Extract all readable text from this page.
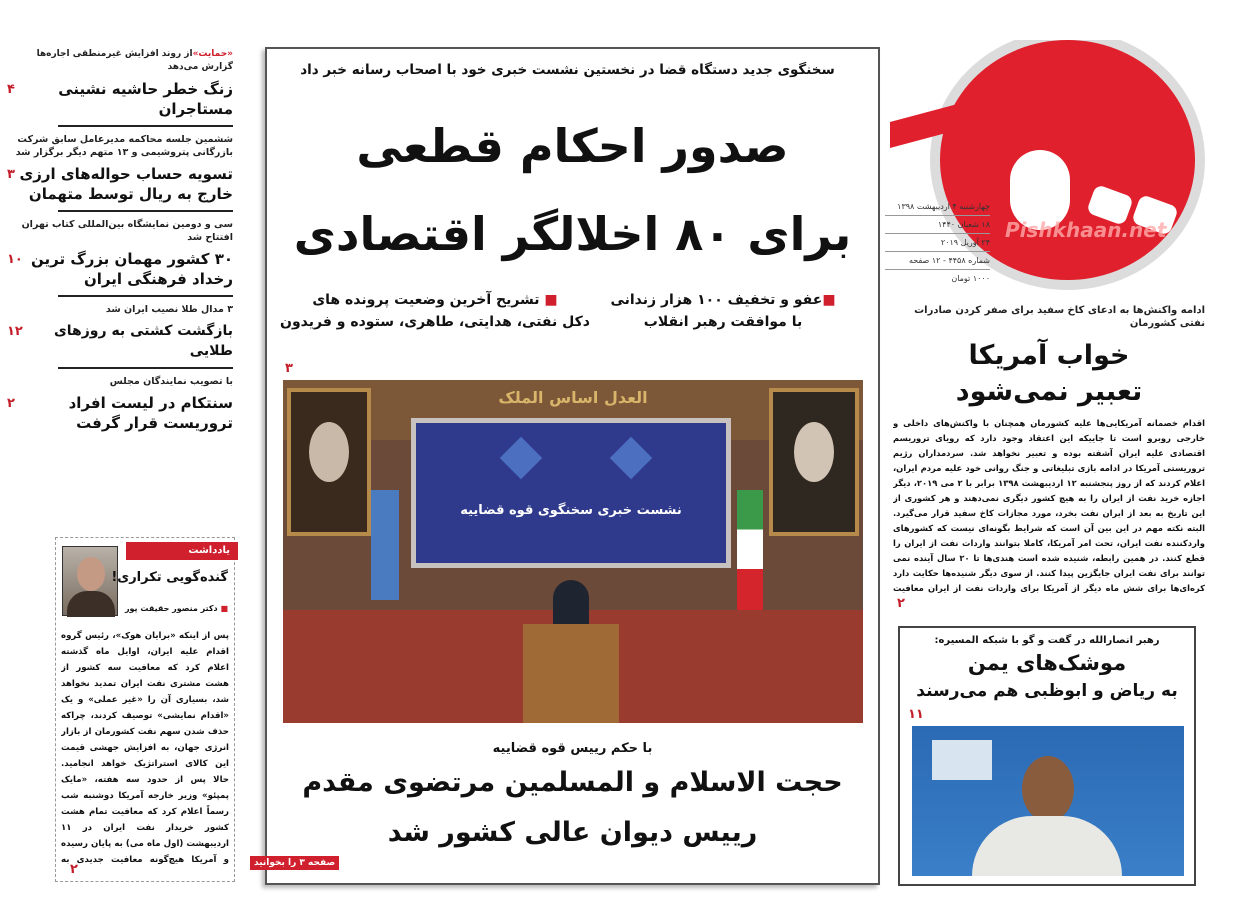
«حمایت»از روند افزایش غیرمنطقی اجاره‌ها گزارش می‌دهد
۴	زنگ خطر حاشیه نشینی مستاجران
ششمین جلسه محاکمه مدیرعامل سابق شرکت بازرگانی پتروشیمی و ۱۳ متهم دیگر برگزار شد
۳ تسویه حساب حواله‌های ارزی خارج به ریال توسط متهمان
سی و دومین نمایشگاه بین‌المللی کتاب تهران افتتاح شد
۱۰ ۳۰ کشور مهمان بزرگ ترین رخداد فرهنگی ایران
۳ مدال طلا نصیب ایران شد
۱۲	بازگشت کشتی به روزهای طلایی
با تصویب نمایندگان مجلس
۲	سنتکام در لیست افراد تروریست قرار گرفت
یادداشت
گنده‌گویی تکراری!
■ دکتر منصور حقیقت پور
پس از اینکه «برایان هوک»، رئیس گروه اقدام علیه ایران، اوایل ماه گذشته اعلام کرد که معافیت سه کشور از هشت مشتری نفت ایران تمدید نخواهد شد، بسیاری آن را «غیر عملی» و یک «اقدام نمایشی» توصیف کردند، چراکه حذف شدن سهم نفت کشورمان از بازار انرژی جهان، به افزایش جهشی قیمت این کالای استراتژیک خواهد انجامید. حالا پس از حدود سه هفته، «مایک پمپئو» وزیر خارجه آمریکا دوشنبه شب رسماً اعلام کرد که معافیت تمام هشت کشور خریدار نفت ایران در ۱۱ اردیبهشت (اول ماه می) به پایان رسیده و آمریکا هیچ‌گونه معافیت جدیدی به
۲
سخنگوی جدید دستگاه قضا در نخستین نشست خبری خود با اصحاب رسانه خبر داد
صدور احکام قطعی
برای ۸۰ اخلالگر اقتصادی
■عفو و تخفیف ۱۰۰ هزار زندانی
با موافقت رهبر انقلاب
■ تشریح آخرین وضعیت پرونده های
دکل نفتی، هدایتی، طاهری، ستوده و فریدون
۳
العدل اساس الملک
نشست خبری سخنگوی قوه قضاییه
با حکم رییس قوه قضاییه
حجت الاسلام و المسلمین مرتضوی مقدم
رییس دیوان عالی کشور شد
صفحه ۳ را بخوانید
Pishkhaan.net
چهارشنبه ۴ اردیبهشت ۱۳۹۸
۱۸ شعبان ۱۴۴۰
۲۴ آوریل ۲۰۱۹
شماره ۴۴۵۸ - ۱۲ صفحه
۱۰۰۰ تومان
ادامه واکنش‌ها به ادعای کاخ سفید برای صفر کردن صادرات نفتی کشورمان
خواب آمریکا
تعبیر نمی‌شود
اقدام خصمانه آمریکایی‌ها علیه کشورمان همچنان با واکنش‌های داخلی و خارجی روبرو است تا جاییکه این اعتقاد وجود دارد که رویای تروریسم اقتصادی علیه ایران آشفته بوده و تعبیر نخواهد شد. سردمداران رژیم تروریستی آمریکا در ادامه بازی تبلیغاتی و جنگ روانی خود علیه مردم ایران، اعلام کردند که از روز پنجشنبه ۱۲ اردیبهشت ۱۳۹۸ برابر با ۲ می ۲۰۱۹، دیگر اجازه خرید نفت از ایران را به هیچ کشور دیگری نمی‌دهند و هر کشوری از این تاریخ به بعد از ایران نفت بخرد، مورد مجازات کاخ سفید قرار می‌گیرد. البته نکته مهم در این بین آن است که شرایط بگونه‌ای نیست که کشورهای واردکننده نفت ایران، تحت امر آمریکا، کاملا بتوانند واردات نفت از ایران را قطع کنند. در همین رابطه، شنیده شده است هندی‌ها تا ۲۰ سال آینده نمی توانند برای نفت ایران جایگزین پیدا کنند. از سوی دیگر شنیده‌ها حکایت دارد کره‌ای‌ها برای شش ماه دیگر از آمریکا برای واردات نفت از ایران معافیت
۲
رهبر انصارالله در گفت و گو با شبکه المسیره:
موشک‌های یمن
به ریاض و ابوظبی هم می‌رسند
۱۱
